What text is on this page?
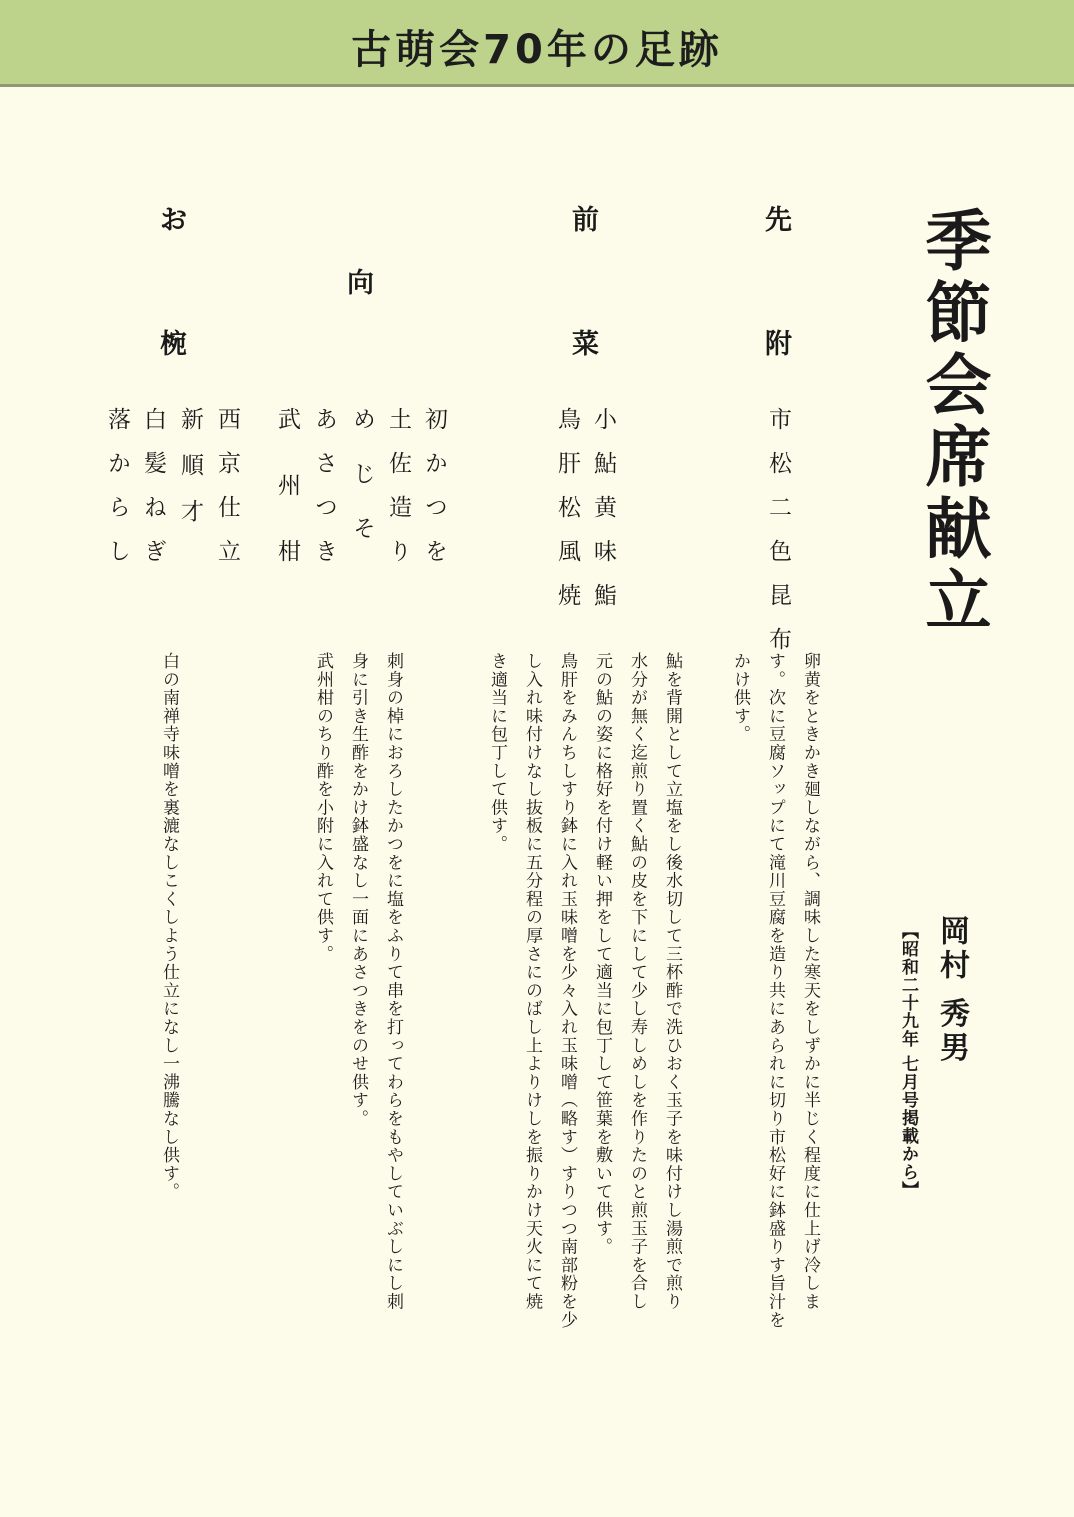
古萌会70年の足跡
季節会席献立
岡村 秀男
【昭和二十九年 七月号掲載から】
先
附
市松二色昆布
卵黄をときかき廻しながら、調味した寒天をしずかに半じく程度に仕上げ冷しま
す。次に豆腐ソップにて滝川豆腐を造り共にあられに切り市松好に鉢盛りす旨汁を
かけ供す。
前
菜
小鮎黄味鮨
鳥肝松風焼
鮎を背開として立塩をし後水切して三杯酢で洗ひおく玉子を味付けし湯煎で煎り
水分が無く迄煎り置く鮎の皮を下にして少し寿しめしを作りたのと煎玉子を合し
元の鮎の姿に格好を付け軽い押をして適当に包丁して笹葉を敷いて供す。
鳥肝をみんちしすり鉢に入れ玉味噌を少々入れ玉味噌（略す）すりつつ南部粉を少
し入れ味付けなし抜板に五分程の厚さにのばし上よりけしを振りかけ天火にて焼
き適当に包丁して供す。
向
初かつを
土佐造り
め じ そ
あさつき
武州柑
刺身の棹におろしたかつをに塩をふりて串を打ってわらをもやしていぶしにし刺
身に引き生酢をかけ鉢盛なし一面にあさつきをのせ供す。
武州柑のちり酢を小附に入れて供す。
お
椀
西京仕立
新順才
白髪ねぎ
落からし
白の南禅寺味噌を裏漉なしこくしよう仕立になし一沸騰なし供す。
